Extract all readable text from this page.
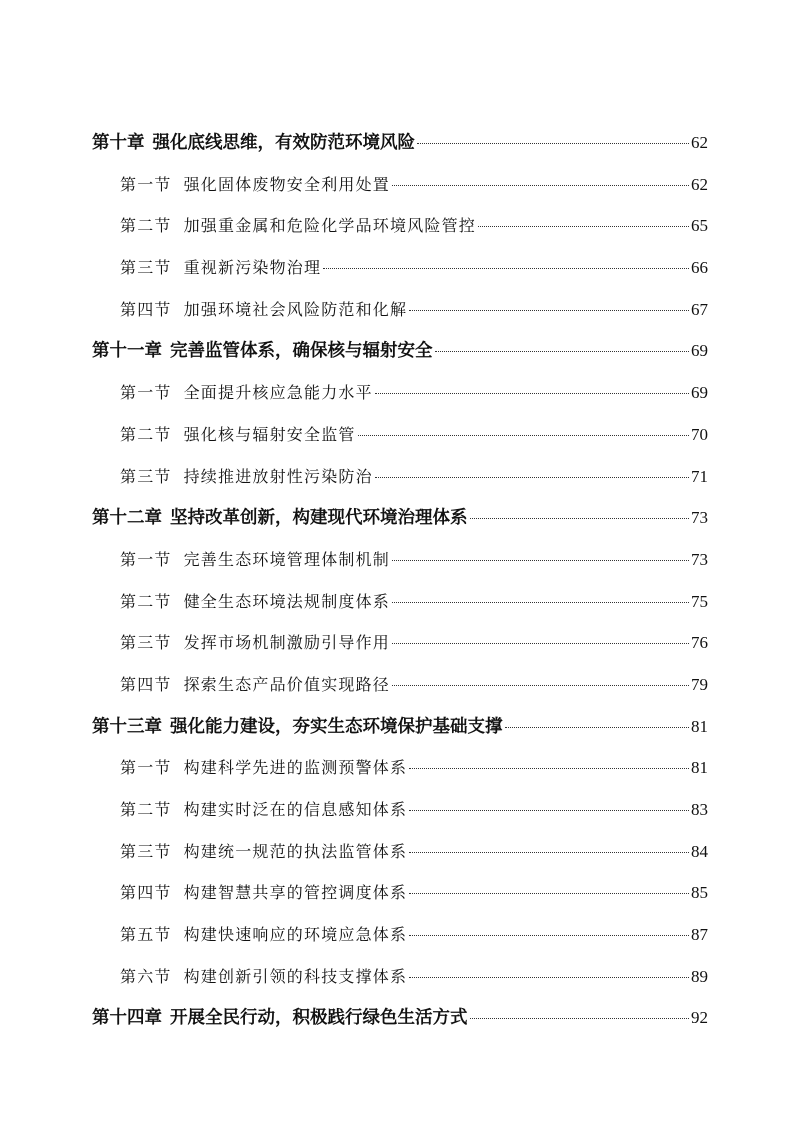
第十章 强化底线思维，有效防范环境风险	62
第一节 强化固体废物安全利用处置	62
第二节 加强重金属和危险化学品环境风险管控	65
第三节 重视新污染物治理	66
第四节 加强环境社会风险防范和化解	67
第十一章 完善监管体系，确保核与辐射安全	69
第一节 全面提升核应急能力水平	69
第二节 强化核与辐射安全监管	70
第三节 持续推进放射性污染防治	71
第十二章 坚持改革创新，构建现代环境治理体系	73
第一节 完善生态环境管理体制机制	73
第二节 健全生态环境法规制度体系	75
第三节 发挥市场机制激励引导作用	76
第四节 探索生态产品价值实现路径	79
第十三章 强化能力建设，夯实生态环境保护基础支撑	81
第一节 构建科学先进的监测预警体系	81
第二节 构建实时泛在的信息感知体系	83
第三节 构建统一规范的执法监管体系	84
第四节 构建智慧共享的管控调度体系	85
第五节 构建快速响应的环境应急体系	87
第六节 构建创新引领的科技支撑体系	89
第十四章 开展全民行动，积极践行绿色生活方式	92
